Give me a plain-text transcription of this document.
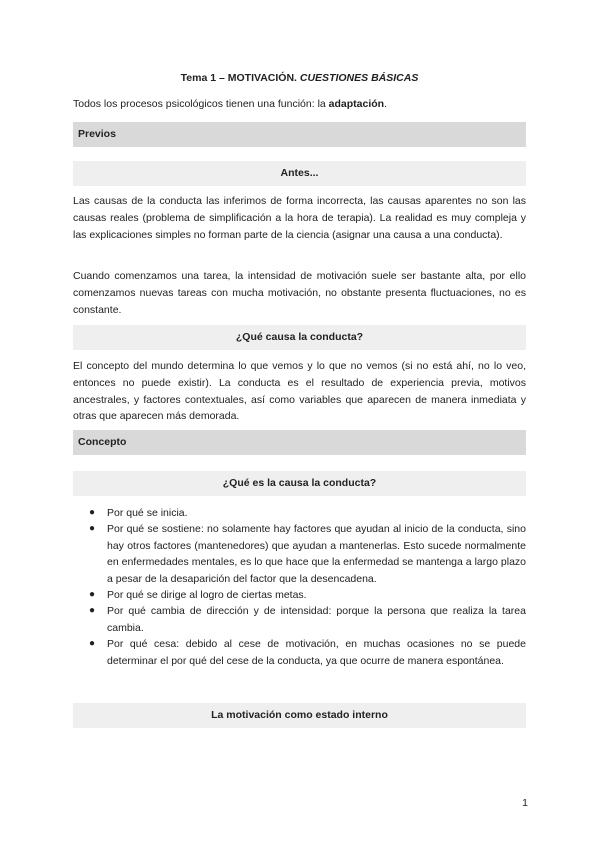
Tema 1 – MOTIVACIÓN. CUESTIONES BÁSICAS
Todos los procesos psicológicos tienen una función: la adaptación.
Previos
Antes...
Las causas de la conducta las inferimos de forma incorrecta, las causas aparentes no son las causas reales (problema de simplificación a la hora de terapia). La realidad es muy compleja y las explicaciones simples no forman parte de la ciencia (asignar una causa a una conducta).
Cuando comenzamos una tarea, la intensidad de motivación suele ser bastante alta, por ello comenzamos nuevas tareas con mucha motivación, no obstante presenta fluctuaciones, no es constante.
¿Qué causa la conducta?
El concepto del mundo determina lo que vemos y lo que no vemos (si no está ahí, no lo veo, entonces no puede existir). La conducta es el resultado de experiencia previa, motivos ancestrales, y factores contextuales, así como variables que aparecen de manera inmediata y otras que aparecen más demorada.
Concepto
¿Qué es la causa la conducta?
● Por qué se inicia.
● Por qué se sostiene: no solamente hay factores que ayudan al inicio de la conducta, sino hay otros factores (mantenedores) que ayudan a mantenerlas. Esto sucede normalmente en enfermedades mentales, es lo que hace que la enfermedad se mantenga a largo plazo a pesar de la desaparición del factor que la desencadena.
● Por qué se dirige al logro de ciertas metas.
● Por qué cambia de dirección y de intensidad: porque la persona que realiza la tarea cambia.
● Por qué cesa: debido al cese de motivación, en muchas ocasiones no se puede determinar el por qué del cese de la conducta, ya que ocurre de manera espontánea.
La motivación como estado interno
1
